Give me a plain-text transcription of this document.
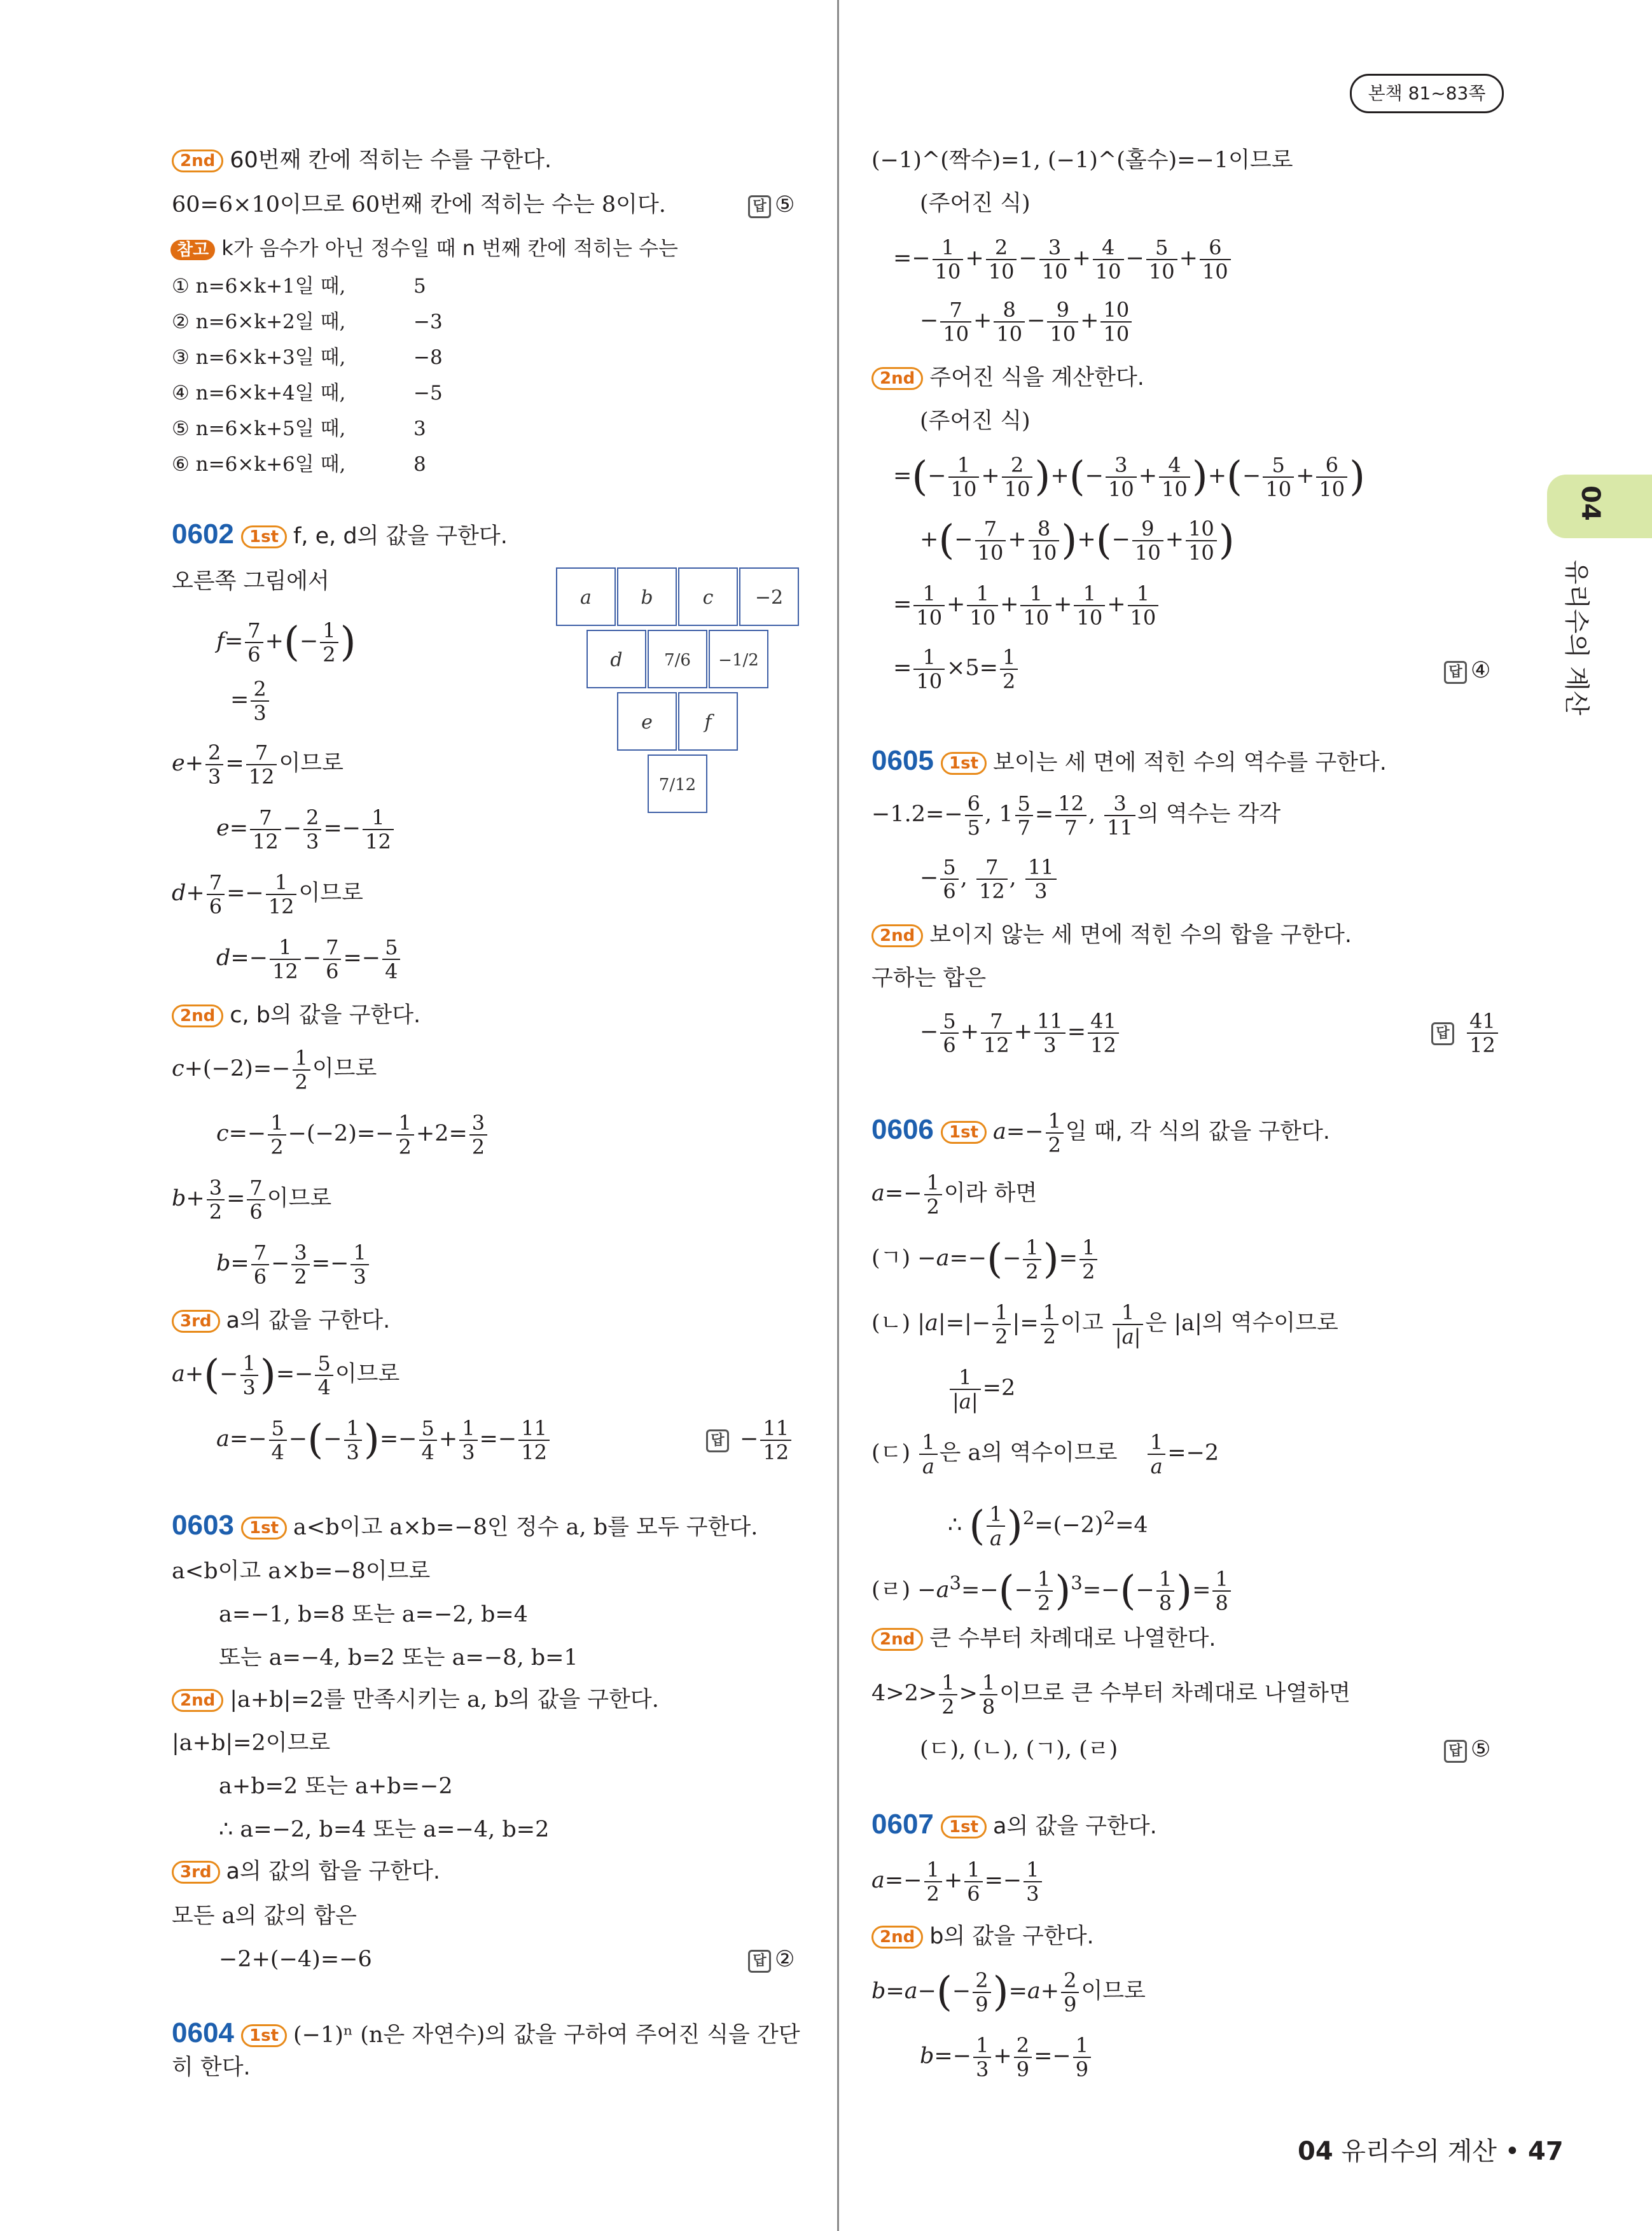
본책 81~83쪽
04
유리수의 계산
2nd 60번째 칸에 적히는 수를 구한다.
60=6×10이므로 60번째 칸에 적히는 수는 8이다.	답 ⑤
참고 k가 음수가 아닌 정수일 때 n 번째 칸에 적히는 수는
① n=6×k+1일 때,	5
② n=6×k+2일 때,	−3
③ n=6×k+3일 때,	−8
④ n=6×k+4일 때,	−5
⑤ n=6×k+5일 때,	3
⑥ n=6×k+6일 때,	8
0602 1st f, e, d의 값을 구한다.
오른쪽 그림에서
$f= \frac{7}{6}$ +(− $\frac{1}{2}$ )
= $\frac{2}{3}$
$e+ \frac{2}{3} = \frac{7}{12}$ 이므로
$e= \frac{7}{12} - \frac{2}{3} =- \frac{1}{12}$
$d+ \frac{7}{6} =- \frac{1}{12}$ 이므로
$d=- \frac{1}{12} - \frac{7}{6} =- \frac{5}{4}$
2nd c, b의 값을 구한다.
$c+(-2)=- \frac{1}{2}$ 이므로
$c=- \frac{1}{2} -(-2)=- \frac{1}{2} +2= \frac{3}{2}$
$b+ \frac{3}{2} = \frac{7}{6}$ 이므로
$b= \frac{7}{6} - \frac{3}{2} =- \frac{1}{3}$
3rd a의 값을 구한다.
$a+(- \frac{1}{3}$ )=− $\frac{5}{4}$ 이므로
$a=- \frac{5}{4}$ −(− $\frac{1}{3}$ )=− $\frac{5}{4} + \frac{1}{3} =- \frac{11}{12}$	답 − $\frac{11}{12}$
a	b	c	−2
d	7/6	−1/2
e	f
7/12
0603 1st a<b이고 a×b=−8인 정수 a, b를 모두 구한다.
a<b이고 a×b=−8이므로
a=−1, b=8 또는 a=−2, b=4
또는 a=−4, b=2 또는 a=−8, b=1
2nd |a+b|=2를 만족시키는 a, b의 값을 구한다.
|a+b|=2이므로
a+b=2 또는 a+b=−2
∴ a=−2, b=4 또는 a=−4, b=2
3rd a의 값의 합을 구한다.
모든 a의 값의 합은
−2+(−4)=−6	답 ②
0604 1st (−1)ⁿ (n은 자연수)의 값을 구하여 주어진 식을 간단
히 한다.
(−1)^(짝수)=1, (−1)^(홀수)=−1이므로
(주어진 식)
=− $\frac{1}{10} + \frac{2}{10} - \frac{3}{10} + \frac{4}{10} - \frac{5}{10} + \frac{6}{10}$
− $\frac{7}{10} + \frac{8}{10} - \frac{9}{10} + \frac{10}{10}$
2nd 주어진 식을 계산한다.
(주어진 식)
=(− $\frac{1}{10} + \frac{2}{10}$ )+(− $\frac{3}{10} + \frac{4}{10}$ )+(− $\frac{5}{10} + \frac{6}{10}$ )
+(− $\frac{7}{10} + \frac{8}{10}$ )+(− $\frac{9}{10} + \frac{10}{10}$ )
= $\frac{1}{10} + \frac{1}{10} + \frac{1}{10} + \frac{1}{10} + \frac{1}{10}$
= $\frac{1}{10} \times 5= \frac{1}{2}$	답 ④
0605 1st 보이는 세 면에 적힌 수의 역수를 구한다.
$-1.2=- \frac{6}{5}$ , $1 \frac{5}{7} = \frac{12}{7}$ , $\frac{3}{11}$ 의 역수는 각각
− $\frac{5}{6}$ , $\frac{7}{12}$ , $\frac{11}{3}$
2nd 보이지 않는 세 면에 적힌 수의 합을 구한다.
구하는 합은
− $\frac{5}{6} + \frac{7}{12} + \frac{11}{3} = \frac{41}{12}$	답 $\frac{41}{12}$
0606 1st $a=- \frac{1}{2}$ 일 때, 각 식의 값을 구한다.
$a=- \frac{1}{2}$ 이라 하면
(ㄱ) $-a=-(- \frac{1}{2}$ )= $\frac{1}{2}$
(ㄴ) $|a|=|- \frac{1}{2}$ |= $\frac{1}{2}$ 이고 $\frac{1}{|a|}$ 은 |a|의 역수이므로
$\frac{1}{|a|} =2$
(ㄷ) $\frac{1}{a}$ 은 a의 역수이므로 $\frac{1}{a} =-2$
∴ ( $\frac{1}{a} )^2=(-2)^2=4$
(ㄹ) $-a^3=-(- \frac{1}{2} )^3=-(- \frac{1}{8}$ )= $\frac{1}{8}$
2nd 큰 수부터 차례대로 나열한다.
$4>2> \frac{1}{2} > \frac{1}{8}$ 이므로 큰 수부터 차례대로 나열하면
(ㄷ), (ㄴ), (ㄱ), (ㄹ)	답 ⑤
0607 1st a의 값을 구한다.
$a=- \frac{1}{2} + \frac{1}{6} =- \frac{1}{3}$
2nd b의 값을 구한다.
$b=a-(- \frac{2}{9} )=a+ \frac{2}{9}$ 이므로
$b=- \frac{1}{3} + \frac{2}{9} =- \frac{1}{9}$
04 유리수의 계산 • 47
